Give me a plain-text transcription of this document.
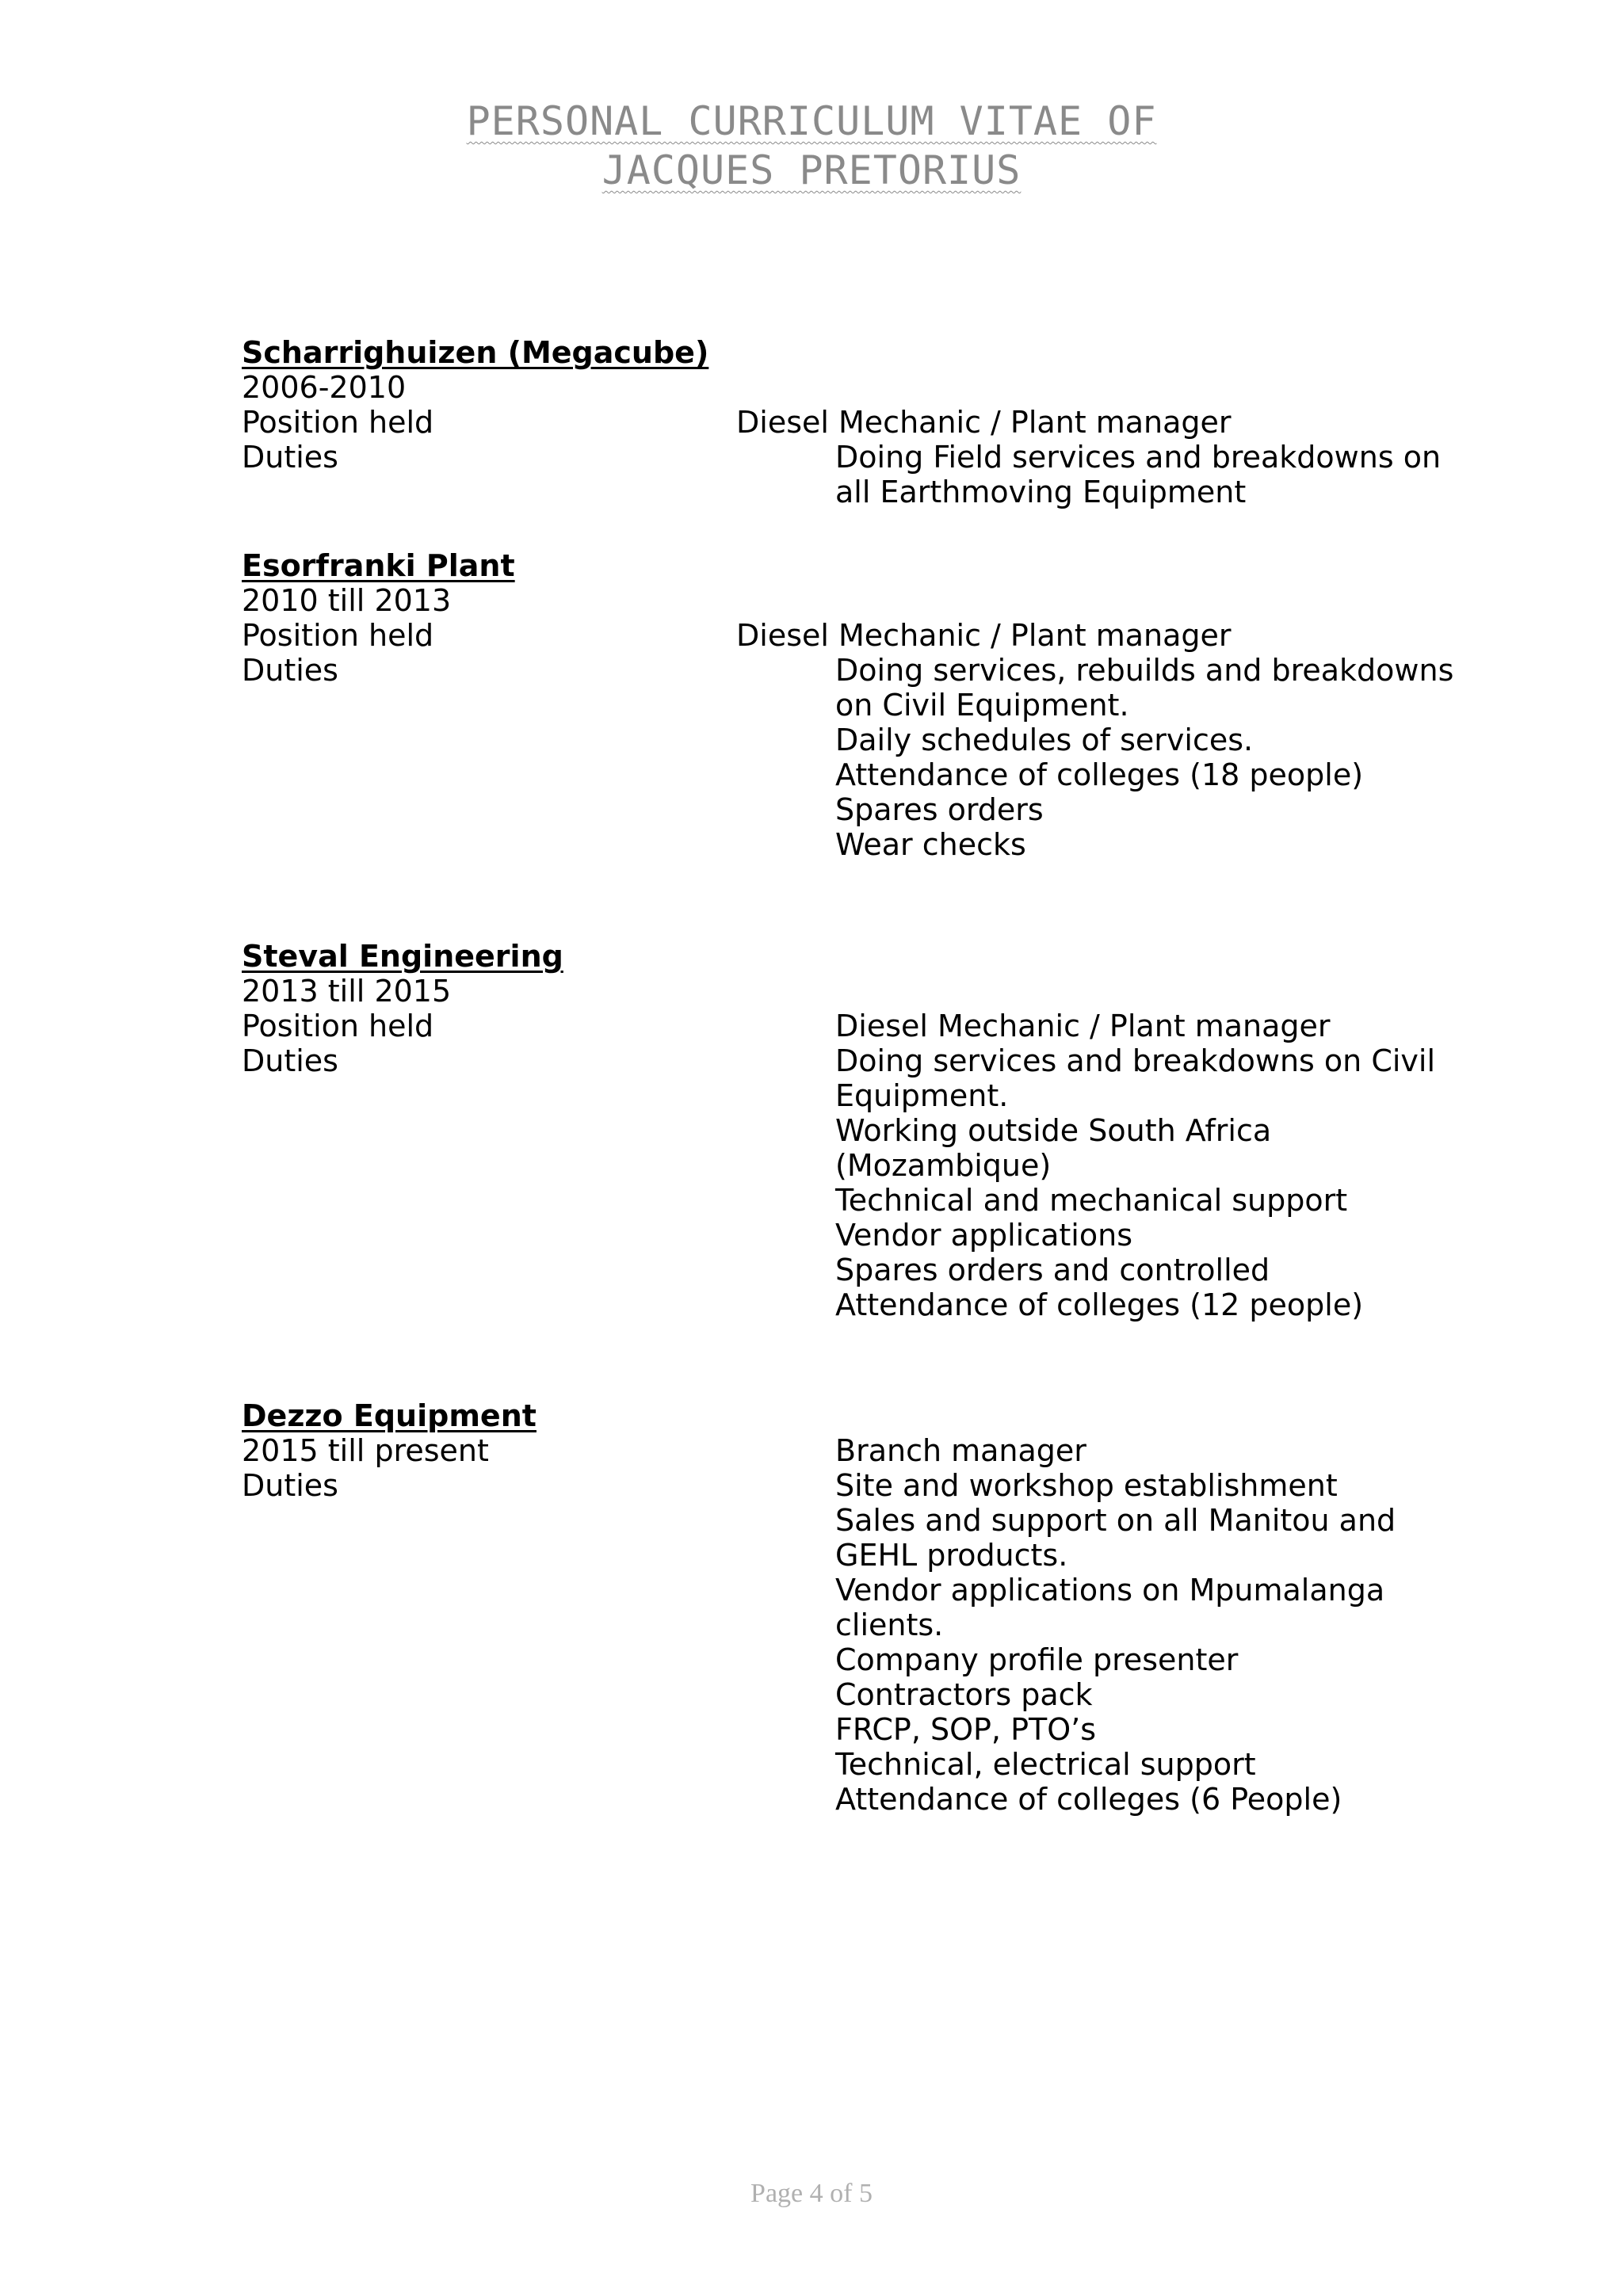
PERSONAL CURRICULUM VITAE OF
JACQUES PRETORIUS
Scharrighuizen (Megacube)
2006-2010
Position held	Diesel Mechanic / Plant manager
Duties	Doing Field services and breakdowns on
all Earthmoving Equipment
Esorfranki Plant
2010 till 2013
Position held	Diesel Mechanic / Plant manager
Duties	Doing services, rebuilds and breakdowns
on Civil Equipment.
Daily schedules of services.
Attendance of colleges (18 people)
Spares orders
Wear checks
Steval Engineering
2013 till 2015
Position held	Diesel Mechanic / Plant manager
Duties	Doing services and breakdowns on Civil
Equipment.
Working outside South Africa
(Mozambique)
Technical and mechanical support
Vendor applications
Spares orders and controlled
Attendance of colleges (12 people)
Dezzo Equipment
2015 till present	Branch manager
Duties	Site and workshop establishment
Sales and support on all Manitou and
GEHL products.
Vendor applications on Mpumalanga
clients.
Company profile presenter
Contractors pack
FRCP, SOP, PTO’s
Technical, electrical support
Attendance of colleges (6 People)
Page 4 of 5
